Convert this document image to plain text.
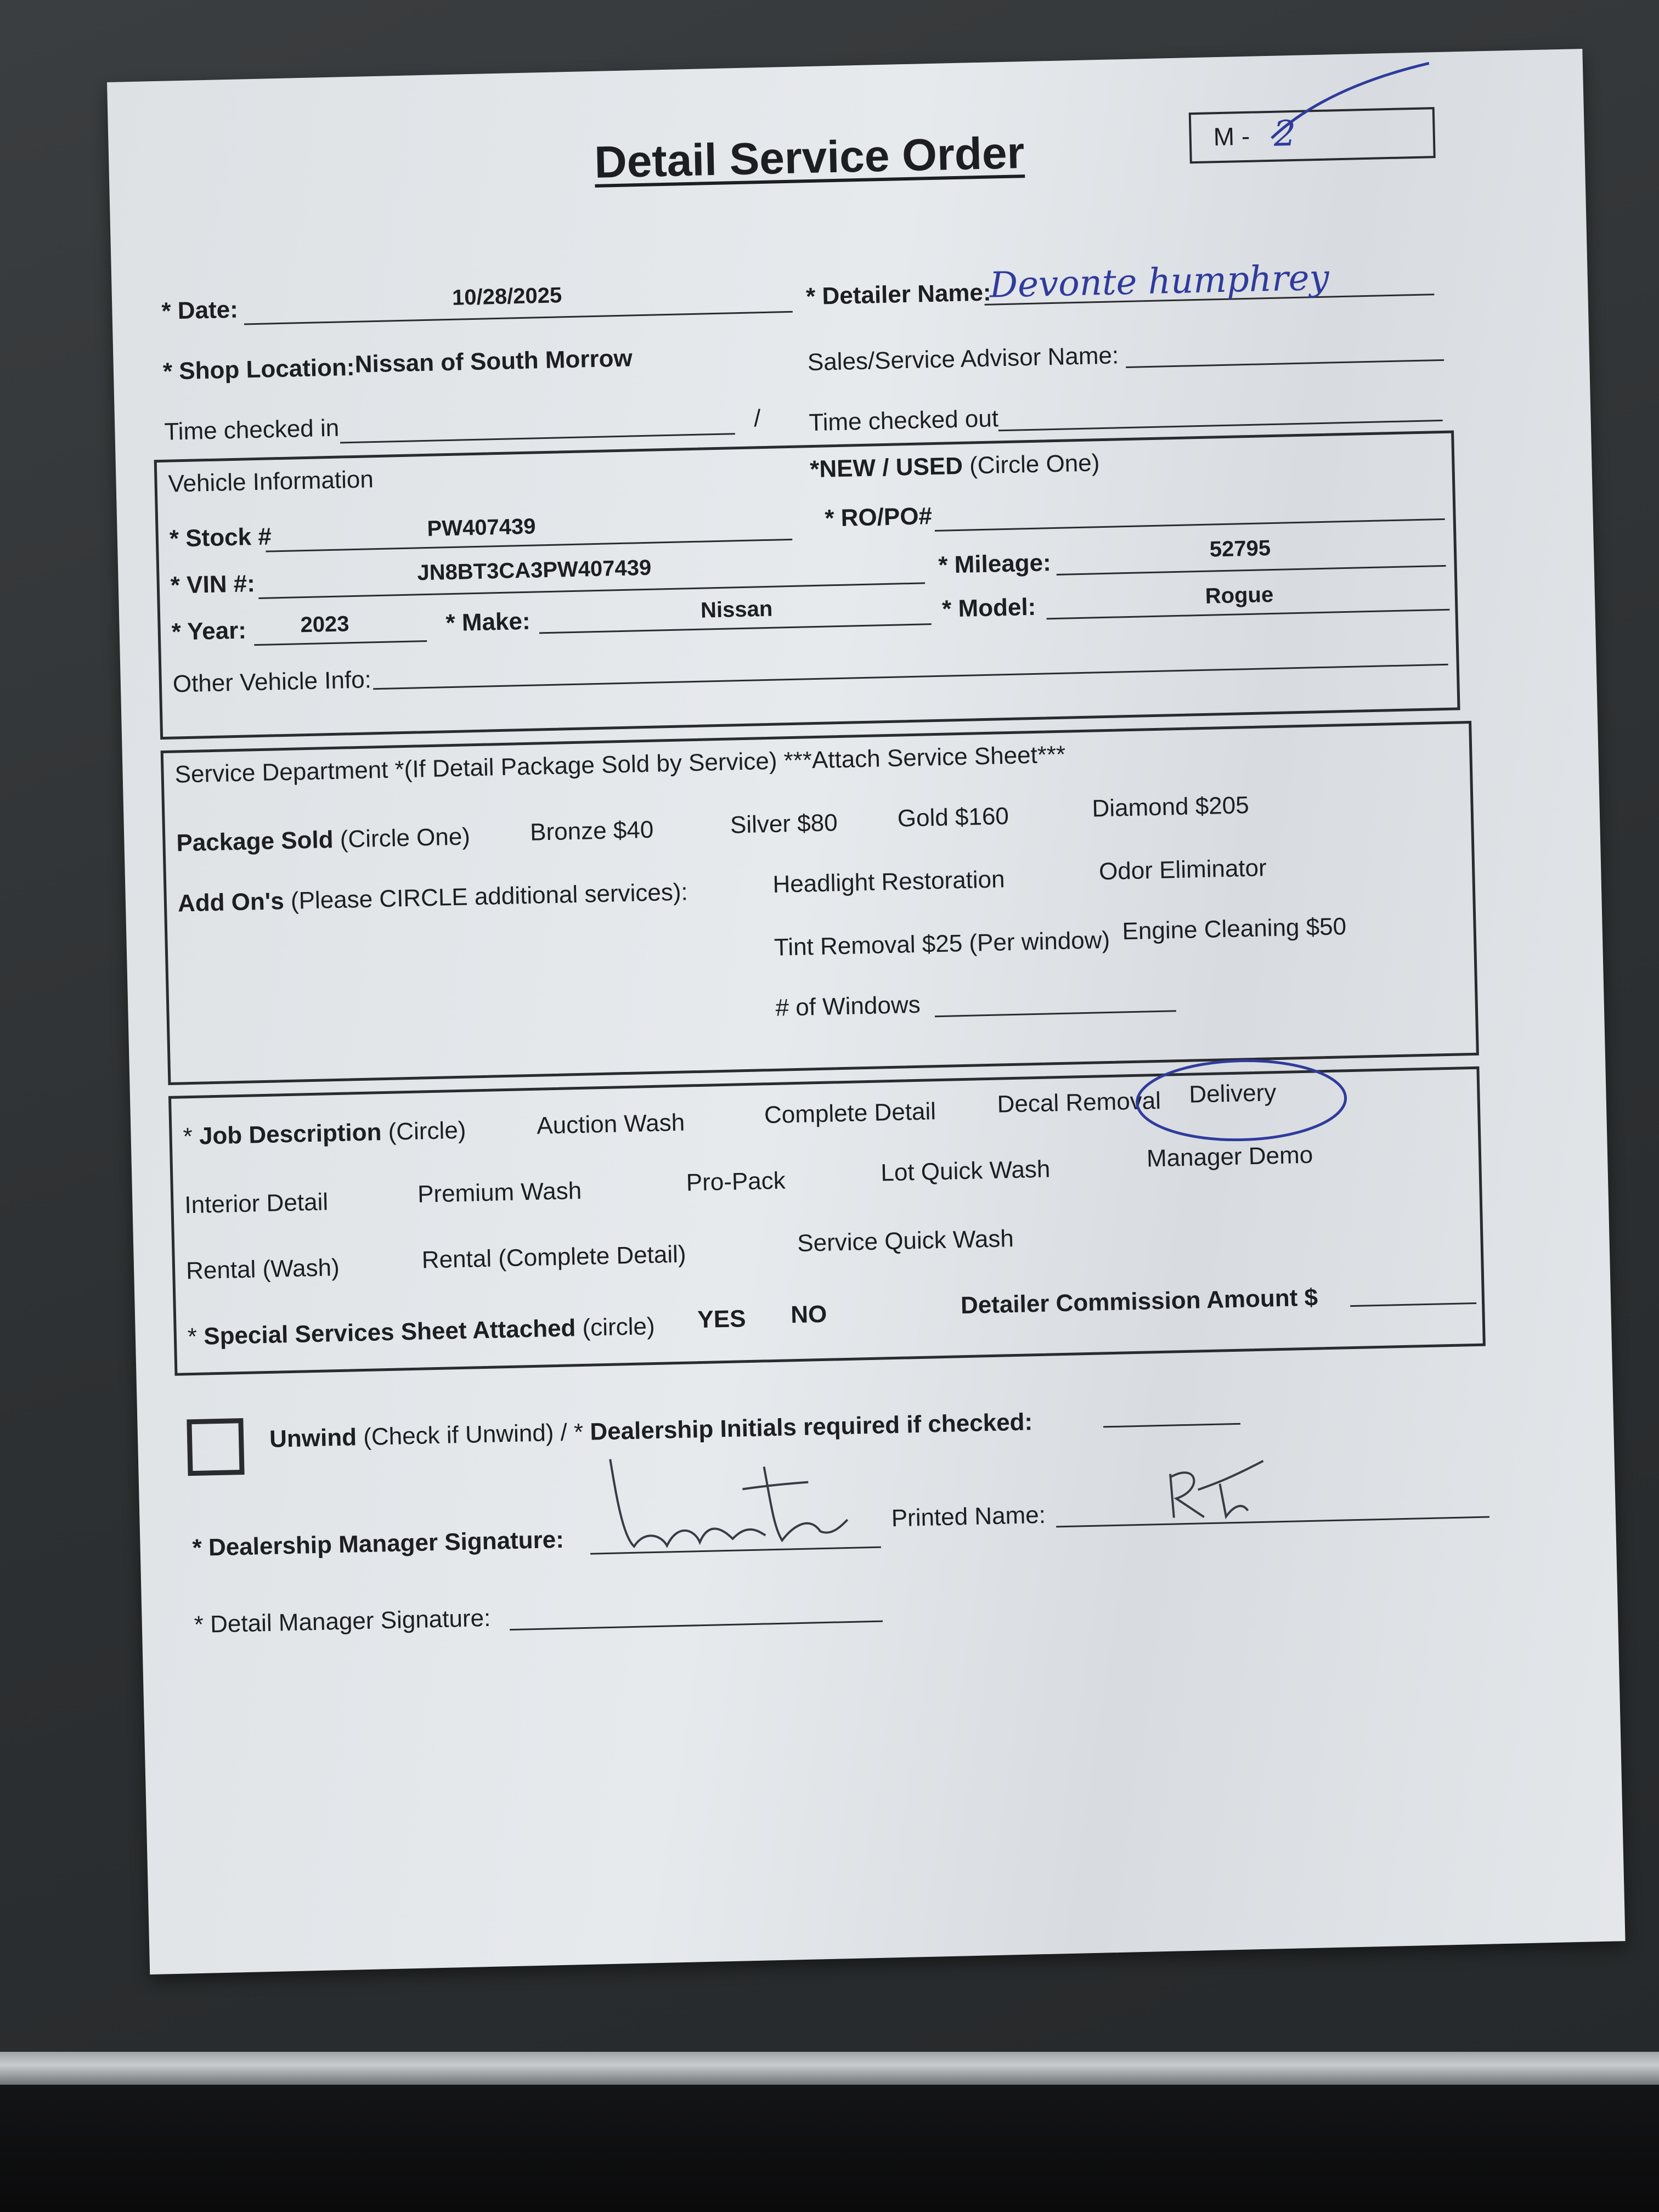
Detail Service Order	M - 2
* Date:	10/28/2025	* Detailer Name:
Devonte humphrey
* Shop Location: Nissan of South Morrow	Sales/Service Advisor Name:
Time checked in	/ Time checked out
Vehicle Information	*NEW / USED (Circle One)
* Stock #	PW407439	* RO/PO#
* VIN #:	JN8BT3CA3PW407439	* Mileage:
52795
* Year: 2023	* Make:	Nissan	* Model:	Rogue
Other Vehicle Info:
Service Department *(If Detail Package Sold by Service) ***Attach Service Sheet***
Package Sold (Circle One) Bronze $40	Silver $80 Gold $160	Diamond $205
Add On's (Please CIRCLE additional services):	Headlight Restoration	Odor Eliminator
Tint Removal $25 (Per window) Engine Cleaning $50
# of Windows
* Job Description (Circle)	Auction Wash	Complete Detail	Decal Removal Delivery
Interior Detail	Premium Wash	Pro-Pack	Lot Quick Wash	Manager Demo
Rental (Wash)	Rental (Complete Detail)	Service Quick Wash
* Special Services Sheet Attached (circle) YES NO	Detailer Commission Amount $
Unwind (Check if Unwind) / * Dealership Initials required if checked:
* Dealership Manager Signature:
Printed Name:
* Detail Manager Signature:
